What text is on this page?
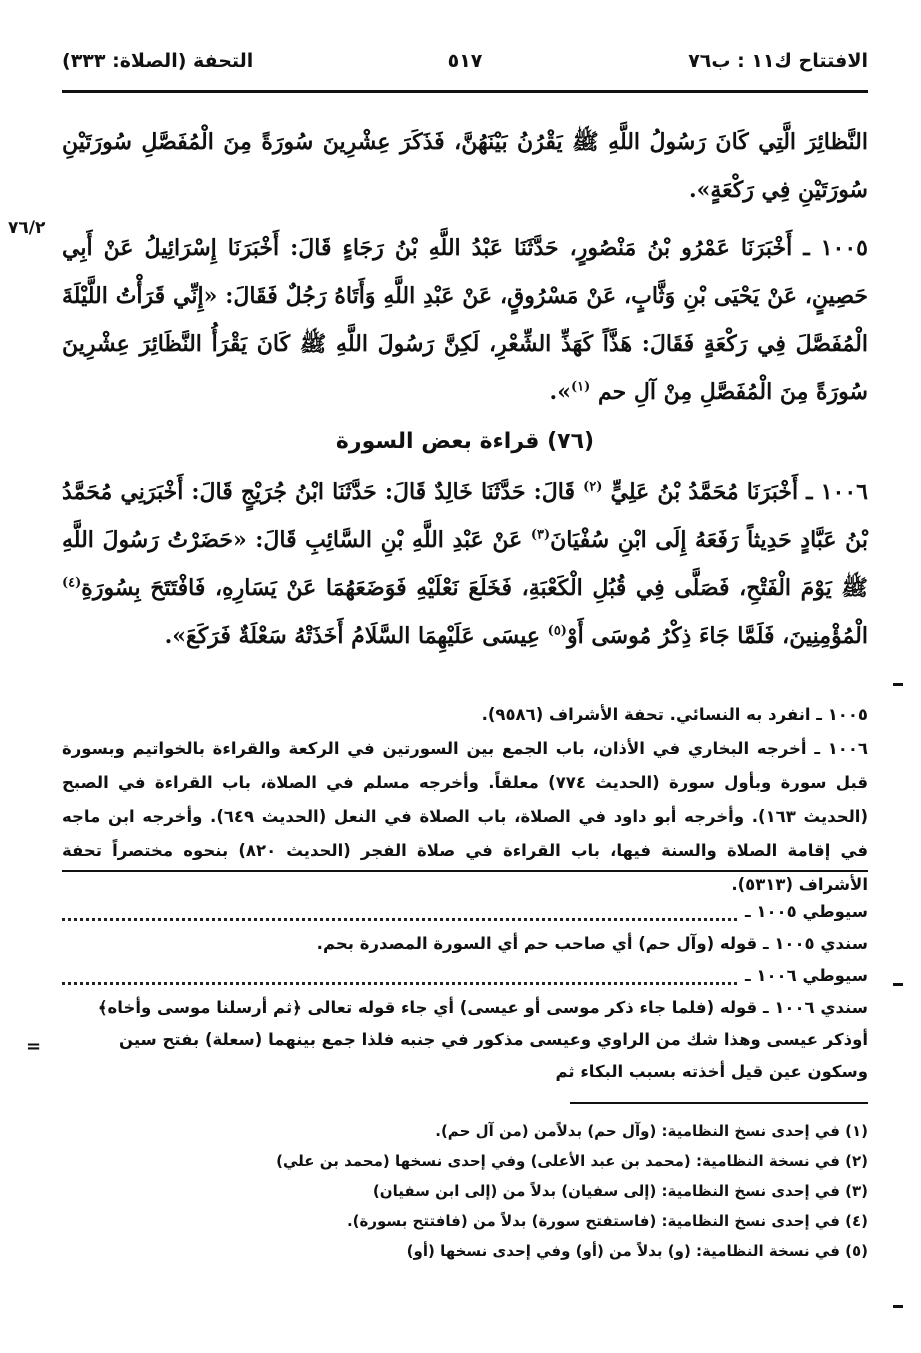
الافتتاح ك١١ : ب٧٦
٥١٧
التحفة (الصلاة: ٣٣٣)
٧٦/٢
=

النَّظائِرَ الَّتِي كَانَ رَسُولُ اللَّهِ ﷺ يَقْرُنُ بَيْنَهُنَّ، فَذَكَرَ عِشْرِينَ سُورَةً مِنَ الْمُفَصَّلِ سُورَتَيْنِ سُورَتَيْنِ فِي رَكْعَةٍ».

١٠٠٥ ـ أَخْبَرَنَا عَمْرُو بْنُ مَنْصُورٍ، حَدَّثَنَا عَبْدُ اللَّهِ بْنُ رَجَاءٍ قَالَ: أَخْبَرَنَا إِسْرَائِيلُ عَنْ أَبِي حَصِينٍ، عَنْ يَحْيَى بْنِ وَثَّابٍ، عَنْ مَسْرُوقٍ، عَنْ عَبْدِ اللَّهِ وَأَتَاهُ رَجُلٌ فَقَالَ: «إِنِّي قَرَأْتُ اللَّيْلَةَ الْمُفَصَّلَ فِي رَكْعَةٍ فَقَالَ: هَذَّاً كَهَذِّ الشِّعْرِ، لَكِنَّ رَسُولَ اللَّهِ ﷺ كَانَ يَقْرَأُ النَّظَائِرَ عِشْرِينَ سُورَةً مِنَ الْمُفَصَّلِ مِنْ آلِ حم $^{(١)}$».

(٧٦) قراءة بعض السورة

١٠٠٦ ـ أَخْبَرَنَا مُحَمَّدُ بْنُ عَلِيٍّ $^{(٢)}$ قَالَ: حَدَّثَنَا خَالِدٌ قَالَ: حَدَّثَنَا ابْنُ جُرَيْجٍ قَالَ: أَخْبَرَنِي مُحَمَّدُ بْنُ عَبَّادٍ حَدِيثاً رَفَعَهُ إِلَى ابْنِ سُفْيَانَ$^{(٣)}$ عَنْ عَبْدِ اللَّهِ بْنِ السَّائِبِ قَالَ: «حَضَرْتُ رَسُولَ اللَّهِ ﷺ يَوْمَ الْفَتْحِ، فَصَلَّى فِي قُبُلِ الْكَعْبَةِ، فَخَلَعَ نَعْلَيْهِ فَوَضَعَهُمَا عَنْ يَسَارِهِ، فَافْتَتَحَ بِسُورَةِ$^{(٤)}$ الْمُؤْمِنِينَ، فَلَمَّا جَاءَ ذِكْرُ مُوسَى أَوْ$^{(٥)}$ عِيسَى عَلَيْهِمَا السَّلَامُ أَخَذَتْهُ سَعْلَةٌ فَرَكَعَ».

١٠٠٥ ـ انفرد به النسائي. تحفة الأشراف (٩٥٨٦).

١٠٠٦ ـ أخرجه البخاري في الأذان، باب الجمع بين السورتين في الركعة والقراءة بالخواتيم وبسورة قبل سورة وبأول سورة (الحديث ٧٧٤) معلقاً. وأخرجه مسلم في الصلاة، باب القراءة في الصبح (الحديث ١٦٣). وأخرجه أبو داود في الصلاة، باب الصلاة في النعل (الحديث ٦٤٩). وأخرجه ابن ماجه في إقامة الصلاة والسنة فيها، باب القراءة في صلاة الفجر (الحديث ٨٢٠) بنحوه مختصراً تحفة الأشراف (٥٣١٣).

سيوطي ١٠٠٥ ـ

سندي ١٠٠٥ ـ قوله (وآل حم) أي صاحب حم أي السورة المصدرة بحم.

سيوطي ١٠٠٦ ـ

سندي ١٠٠٦ ـ قوله (فلما جاء ذكر موسى أو عيسى) أي جاء قوله تعالى ﴿ثم أرسلنا موسى وأخاه﴾ أوذكر عيسى وهذا شك من الراوي وعيسى مذكور في جنبه فلذا جمع بينهما (سعلة) بفتح سين وسكون عين قيل أخذته بسبب البكاء ثم

(١) في إحدى نسخ النظامية: (وآل حم) بدلاًمن (من آل حم).

(٢) في نسخة النظامية: (محمد بن عبد الأعلى) وفي إحدى نسخها (محمد بن علي)

(٣) في إحدى نسخ النظامية: (إلى سفيان) بدلاً من (إلى ابن سفيان)

(٤) في إحدى نسخ النظامية: (فاستفتح سورة) بدلاً من (فافتتح بسورة).

(٥) في نسخة النظامية: (و) بدلاً من (أو) وفي إحدى نسخها (أو)
